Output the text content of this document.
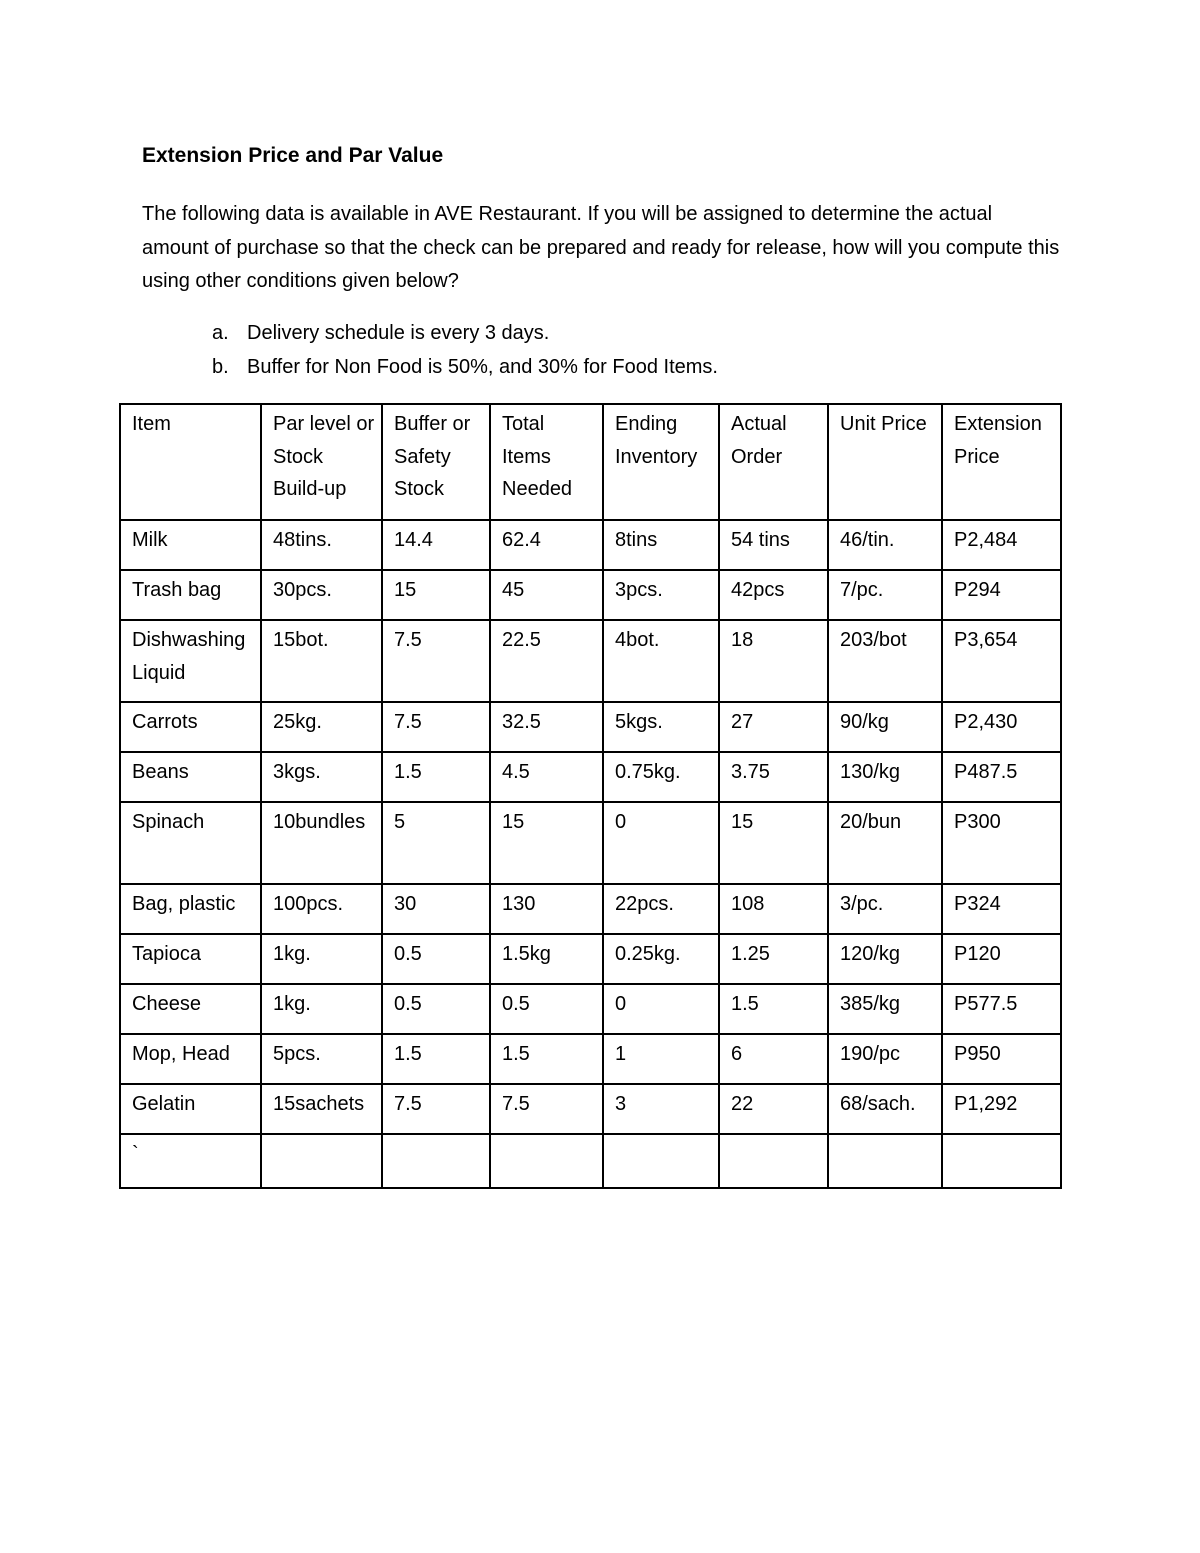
Extension Price and Par Value

The following data is available in AVE Restaurant. If you will be assigned to determine the actual amount of purchase so that the check can be prepared and ready for release, how will you compute this using other conditions given below?

a. Delivery schedule is every 3 days.
b. Buffer for Non Food is 50%, and 30% for Food Items.
Item	Par level or Stock Build-up	Buffer or Safety Stock	Total Items Needed	Ending Inventory	Actual Order	Unit Price	Extension Price
Milk	48tins.	14.4	62.4	8tins	54 tins	46/tin.	P2,484
Trash bag	30pcs.	15	45	3pcs.	42pcs	7/pc.	P294
Dishwashing Liquid	15bot.	7.5	22.5	4bot.	18	203/bot	P3,654
Carrots	25kg.	7.5	32.5	5kgs.	27	90/kg	P2,430
Beans	3kgs.	1.5	4.5	0.75kg.	3.75	130/kg	P487.5
Spinach	10bundles	5	15	0	15	20/bun	P300
Bag, plastic	100pcs.	30	130	22pcs.	108	3/pc.	P324
Tapioca	1kg.	0.5	1.5kg	0.25kg.	1.25	120/kg	P120
Cheese	1kg.	0.5	0.5	0	1.5	385/kg	P577.5
Mop, Head	5pcs.	1.5	1.5	1	6	190/pc	P950
Gelatin	15sachets	7.5	7.5	3	22	68/sach.	P1,292
`							
